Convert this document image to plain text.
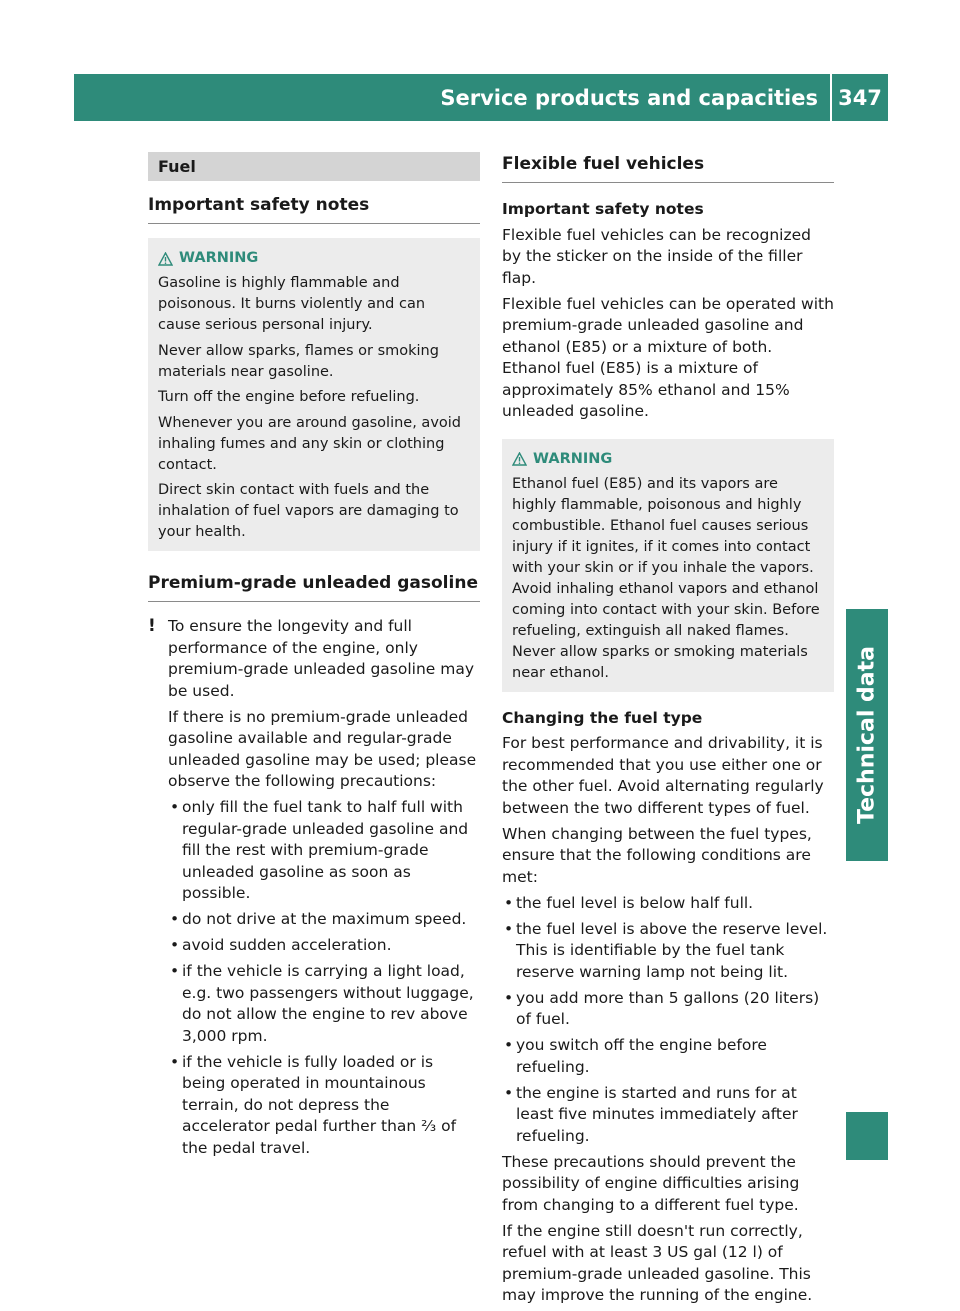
Service products and capacities 347
Technical data
Fuel
Important safety notes
WARNING

Gasoline is highly flammable and poisonous. It burns violently and can cause serious personal injury.

Never allow sparks, flames or smoking materials near gasoline.

Turn off the engine before refueling.

Whenever you are around gasoline, avoid inhaling fumes and any skin or clothing contact.

Direct skin contact with fuels and the inhalation of fuel vapors are damaging to your health.

Premium-grade unleaded gasoline
! To ensure the longevity and full performance of the engine, only premium-grade unleaded gasoline may be used.

If there is no premium-grade unleaded gasoline available and regular-grade unleaded gasoline may be used; please observe the following precautions:

• only fill the fuel tank to half full with regular-grade unleaded gasoline and fill the rest with premium-grade unleaded gasoline as soon as possible.
• do not drive at the maximum speed.
• avoid sudden acceleration.
• if the vehicle is carrying a light load, e.g. two passengers without luggage, do not allow the engine to rev above 3,000 rpm.
• if the vehicle is fully loaded or is being operated in mountainous terrain, do not depress the accelerator pedal further than ⅔ of the pedal travel.
Flexible fuel vehicles
Important safety notes

Flexible fuel vehicles can be recognized by the sticker on the inside of the filler flap.

Flexible fuel vehicles can be operated with premium-grade unleaded gasoline and ethanol (E85) or a mixture of both. Ethanol fuel (E85) is a mixture of approximately 85% ethanol and 15% unleaded gasoline.

WARNING

Ethanol fuel (E85) and its vapors are highly flammable, poisonous and highly combustible. Ethanol fuel causes serious injury if it ignites, if it comes into contact with your skin or if you inhale the vapors. Avoid inhaling ethanol vapors and ethanol coming into contact with your skin. Before refueling, extinguish all naked flames. Never allow sparks or smoking materials near ethanol.

Changing the fuel type

For best performance and drivability, it is recommended that you use either one or the other fuel. Avoid alternating regularly between the two different types of fuel.

When changing between the fuel types, ensure that the following conditions are met:

• the fuel level is below half full.
• the fuel level is above the reserve level. This is identifiable by the fuel tank reserve warning lamp not being lit.
• you add more than 5 gallons (20 liters) of fuel.
• you switch off the engine before refueling.
• the engine is started and runs for at least five minutes immediately after refueling.

These precautions should prevent the possibility of engine difficulties arising from changing to a different fuel type.

If the engine still doesn't run correctly, refuel with at least 3 US gal (12 l) of premium-grade unleaded gasoline. This may improve the running of the engine.
